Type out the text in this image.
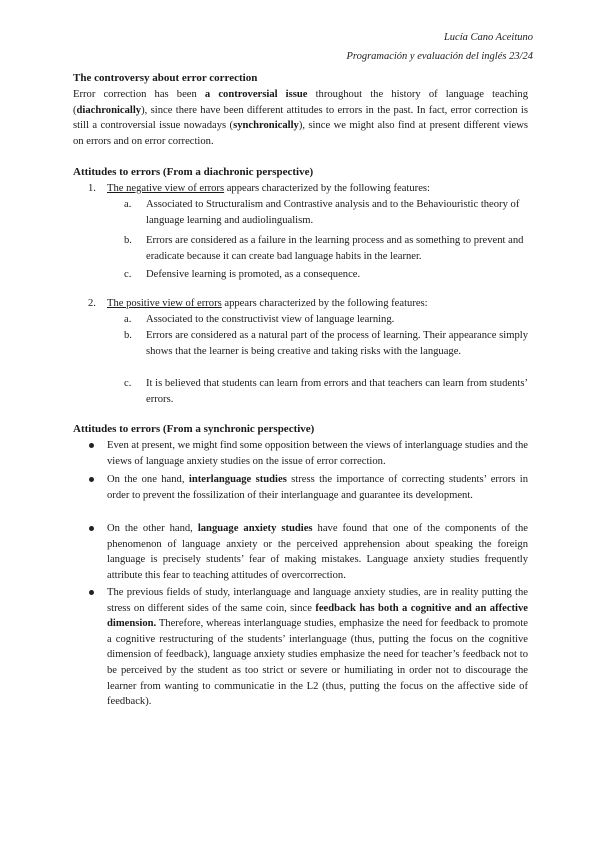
Lucía Cano Aceituno
Programación y evaluación del inglés 23/24
The controversy about error correction
Error correction has been a controversial issue throughout the history of language teaching (diachronically), since there have been different attitudes to errors in the past. In fact, error correction is still a controversial issue nowadays (synchronically), since we might also find at present different views on errors and on error correction.
Attitudes to errors (From a diachronic perspective)
1. The negative view of errors appears characterized by the following features:
a. Associated to Structuralism and Contrastive analysis and to the Behaviouristic theory of language learning and audiolingualism.
b. Errors are considered as a failure in the learning process and as something to prevent and eradicate because it can create bad language habits in the learner.
c. Defensive learning is promoted, as a consequence.
2. The positive view of errors appears characterized by the following features:
a. Associated to the constructivist view of language learning.
b. Errors are considered as a natural part of the process of learning. Their appearance simply shows that the learner is being creative and taking risks with the language.
c. It is believed that students can learn from errors and that teachers can learn from students’ errors.
Attitudes to errors (From a synchronic perspective)
Even at present, we might find some opposition between the views of interlanguage studies and the views of language anxiety studies on the issue of error correction.
On the one hand, interlanguage studies stress the importance of correcting students’ errors in order to prevent the fossilization of their interlanguage and guarantee its development.
On the other hand, language anxiety studies have found that one of the components of the phenomenon of language anxiety or the perceived apprehension about speaking the foreign language is precisely students’ fear of making mistakes. Language anxiety studies frequently attribute this fear to teaching attitudes of overcorrection.
The previous fields of study, interlanguage and language anxiety studies, are in reality putting the stress on different sides of the same coin, since feedback has both a cognitive and an affective dimension. Therefore, whereas interlanguage studies, emphasize the need for feedback to promote a cognitive restructuring of the students’ interlanguage (thus, putting the focus on the cognitive dimension of feedback), language anxiety studies emphasize the need for teacher’s feedback not to be perceived by the student as too strict or severe or humiliating in order not to discourage the learner from wanting to communicatie in the L2 (thus, putting the focus on the affective side of feedback).
